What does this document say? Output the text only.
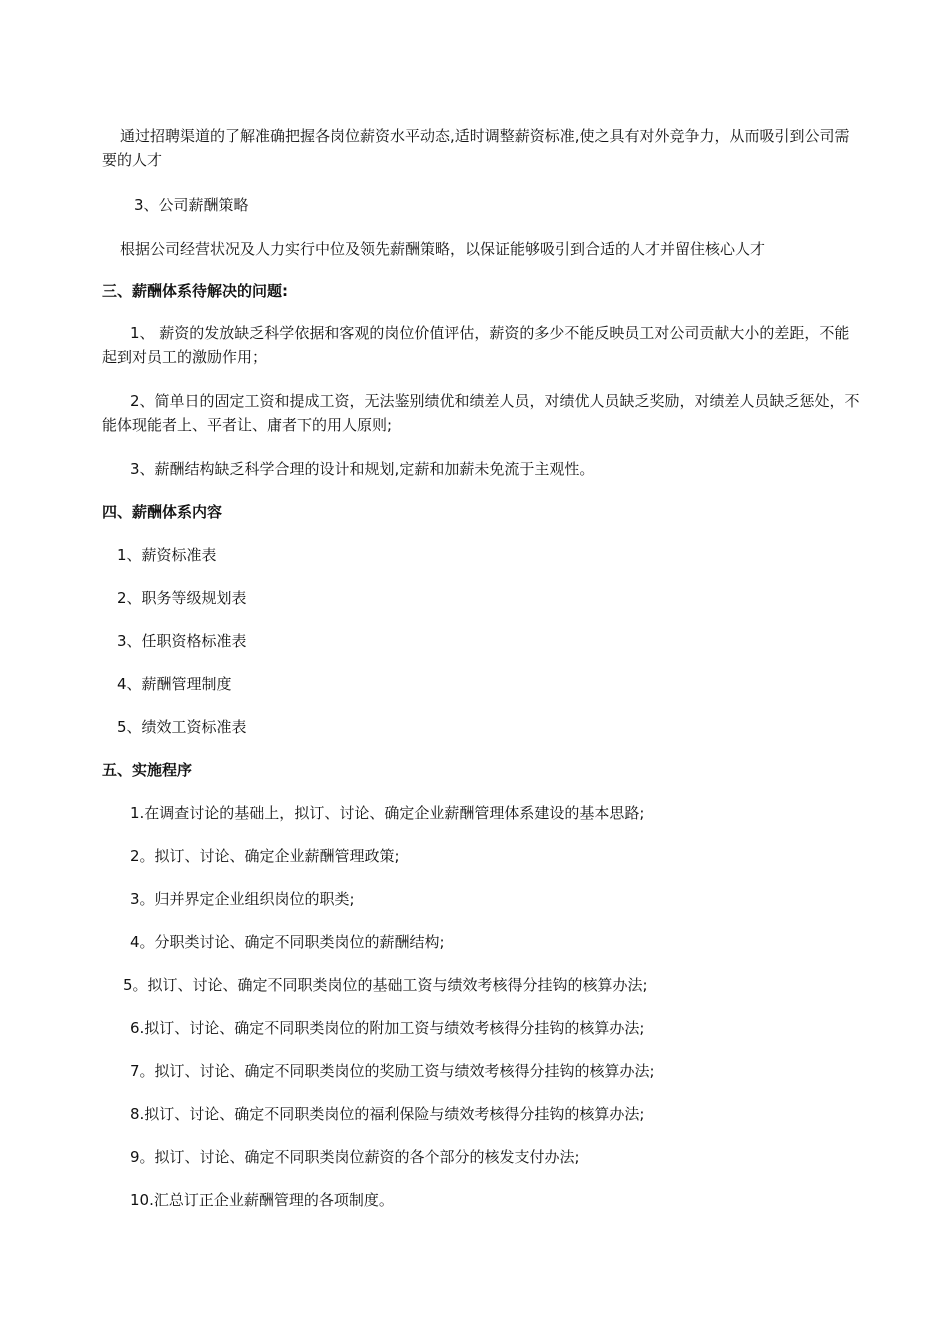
通过招聘渠道的了解准确把握各岗位薪资水平动态,适时调整薪资标准,使之具有对外竞争力，从而吸引到公司需要的人才

3、公司薪酬策略

根据公司经营状况及人力实行中位及领先薪酬策略，以保证能够吸引到合适的人才并留住核心人才

三、薪酬体系待解决的问题:

1、 薪资的发放缺乏科学依据和客观的岗位价值评估，薪资的多少不能反映员工对公司贡献大小的差距，不能起到对员工的激励作用；

2、简单日的固定工资和提成工资，无法鉴别绩优和绩差人员，对绩优人员缺乏奖励，对绩差人员缺乏惩处，不能体现能者上、平者让、庸者下的用人原则;

3、薪酬结构缺乏科学合理的设计和规划,定薪和加薪未免流于主观性。

四、薪酬体系内容

1、薪资标准表

2、职务等级规划表

3、任职资格标准表

4、薪酬管理制度

5、绩效工资标准表

五、实施程序

1.在调查讨论的基础上，拟订、讨论、确定企业薪酬管理体系建设的基本思路;

2。拟订、讨论、确定企业薪酬管理政策;

3。归并界定企业组织岗位的职类;

4。分职类讨论、确定不同职类岗位的薪酬结构;

5。拟订、讨论、确定不同职类岗位的基础工资与绩效考核得分挂钩的核算办法;

6.拟订、讨论、确定不同职类岗位的附加工资与绩效考核得分挂钩的核算办法;

7。拟订、讨论、确定不同职类岗位的奖励工资与绩效考核得分挂钩的核算办法;

8.拟订、讨论、确定不同职类岗位的福利保险与绩效考核得分挂钩的核算办法;

9。拟订、讨论、确定不同职类岗位薪资的各个部分的核发支付办法;

10.汇总订正企业薪酬管理的各项制度。
